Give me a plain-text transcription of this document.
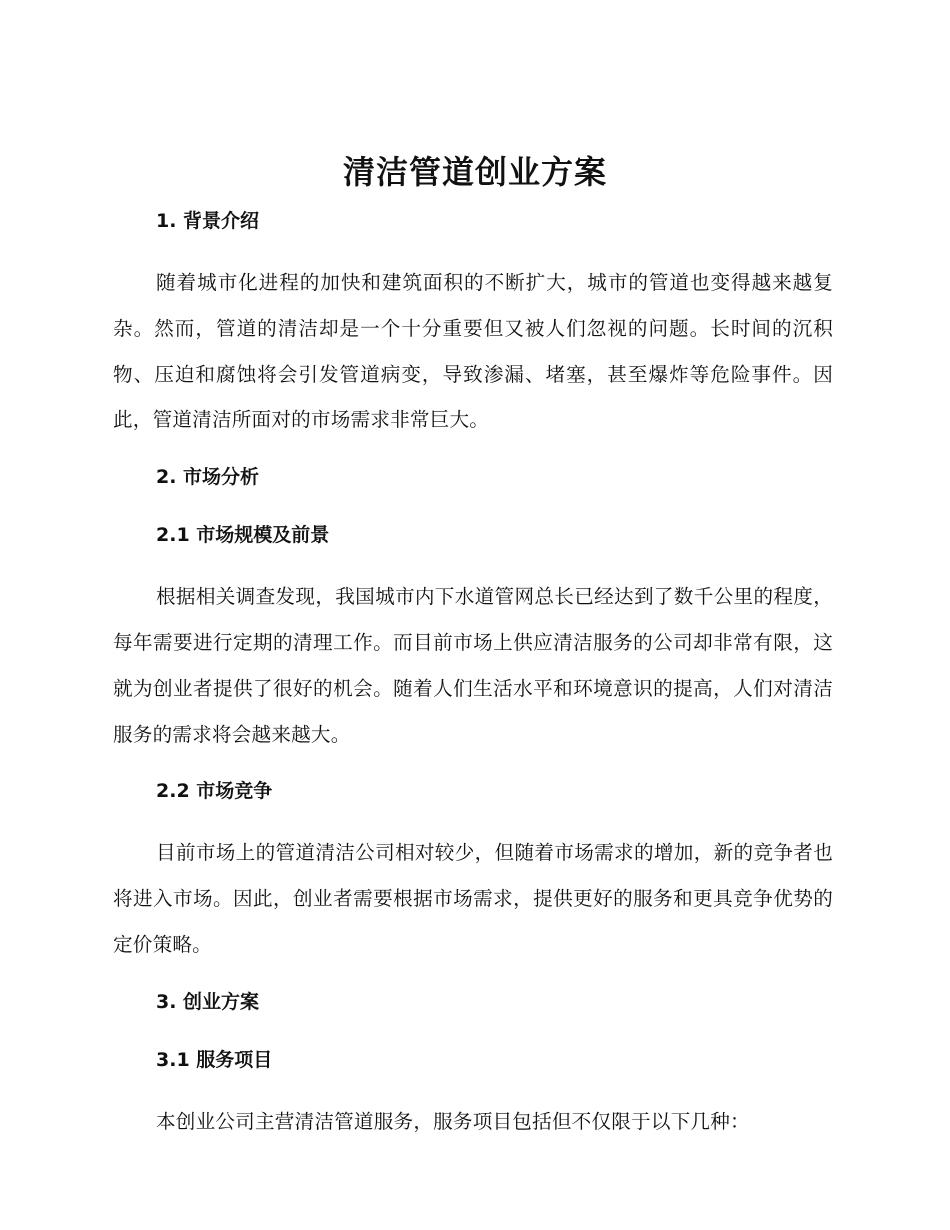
清洁管道创业方案
1. 背景介绍

随着城市化进程的加快和建筑面积的不断扩大，城市的管道也变得越来越复杂。然而，管道的清洁却是一个十分重要但又被人们忽视的问题。长时间的沉积物、压迫和腐蚀将会引发管道病变，导致渗漏、堵塞，甚至爆炸等危险事件。因此，管道清洁所面对的市场需求非常巨大。

2. 市场分析
2.1 市场规模及前景

根据相关调查发现，我国城市内下水道管网总长已经达到了数千公里的程度，每年需要进行定期的清理工作。而目前市场上供应清洁服务的公司却非常有限，这就为创业者提供了很好的机会。随着人们生活水平和环境意识的提高，人们对清洁服务的需求将会越来越大。

2.2 市场竞争

目前市场上的管道清洁公司相对较少，但随着市场需求的增加，新的竞争者也将进入市场。因此，创业者需要根据市场需求，提供更好的服务和更具竞争优势的定价策略。

3. 创业方案
3.1 服务项目

本创业公司主营清洁管道服务，服务项目包括但不仅限于以下几种：
